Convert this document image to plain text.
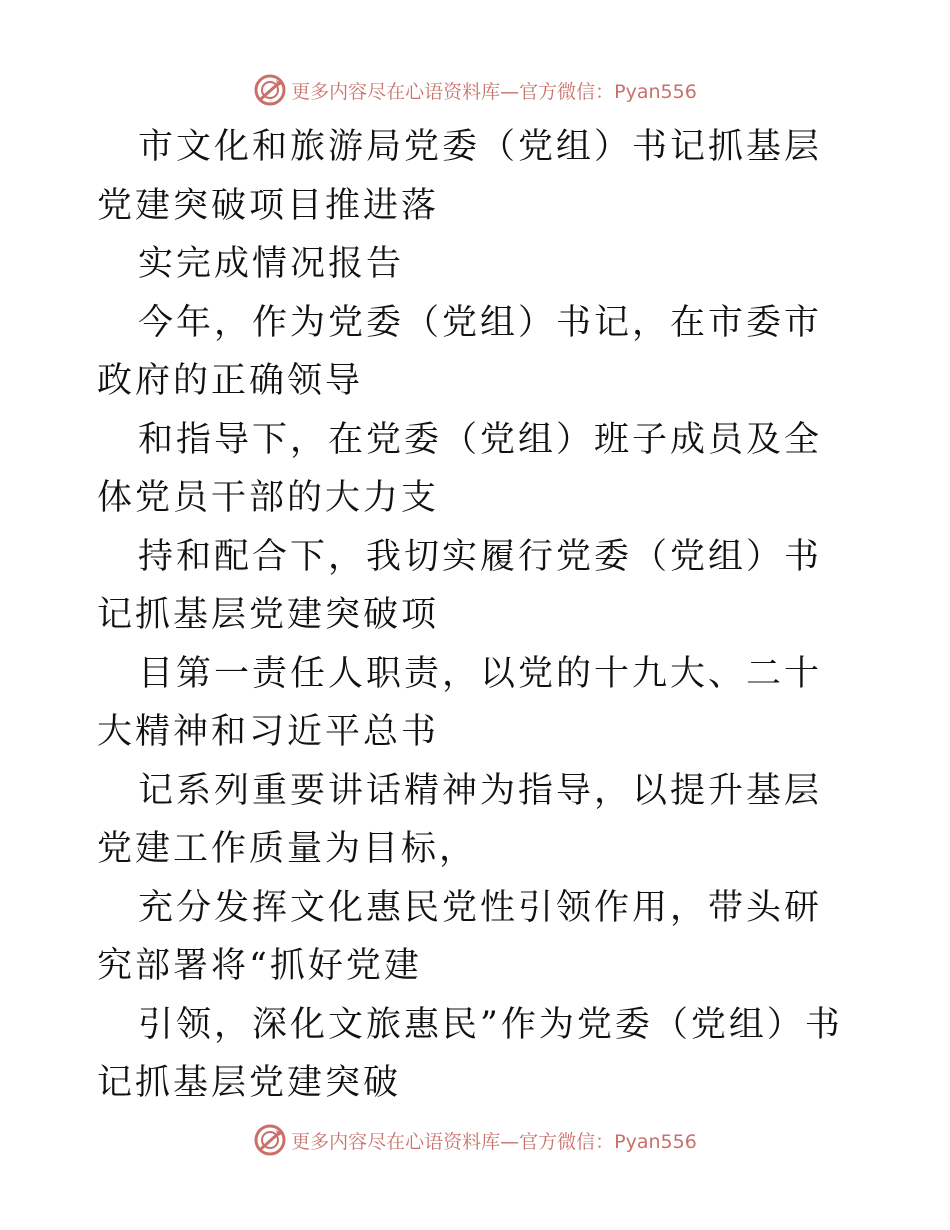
更多内容尽在心语资料库—官方微信：Pyan556

市文化和旅游局党委（党组）书记抓基层党建突破项目推进落

实完成情况报告

今年，作为党委（党组）书记，在市委市政府的正确领导

和指导下，在党委（党组）班子成员及全体党员干部的大力支

持和配合下，我切实履行党委（党组）书记抓基层党建突破项

目第一责任人职责，以党的十九大、二十大精神和习近平总书

记系列重要讲话精神为指导，以提升基层党建工作质量为目标，

充分发挥文化惠民党性引领作用，带头研究部署将“抓好党建

引领，深化文旅惠民”作为党委（党组）书记抓基层党建突破

更多内容尽在心语资料库—官方微信：Pyan556
